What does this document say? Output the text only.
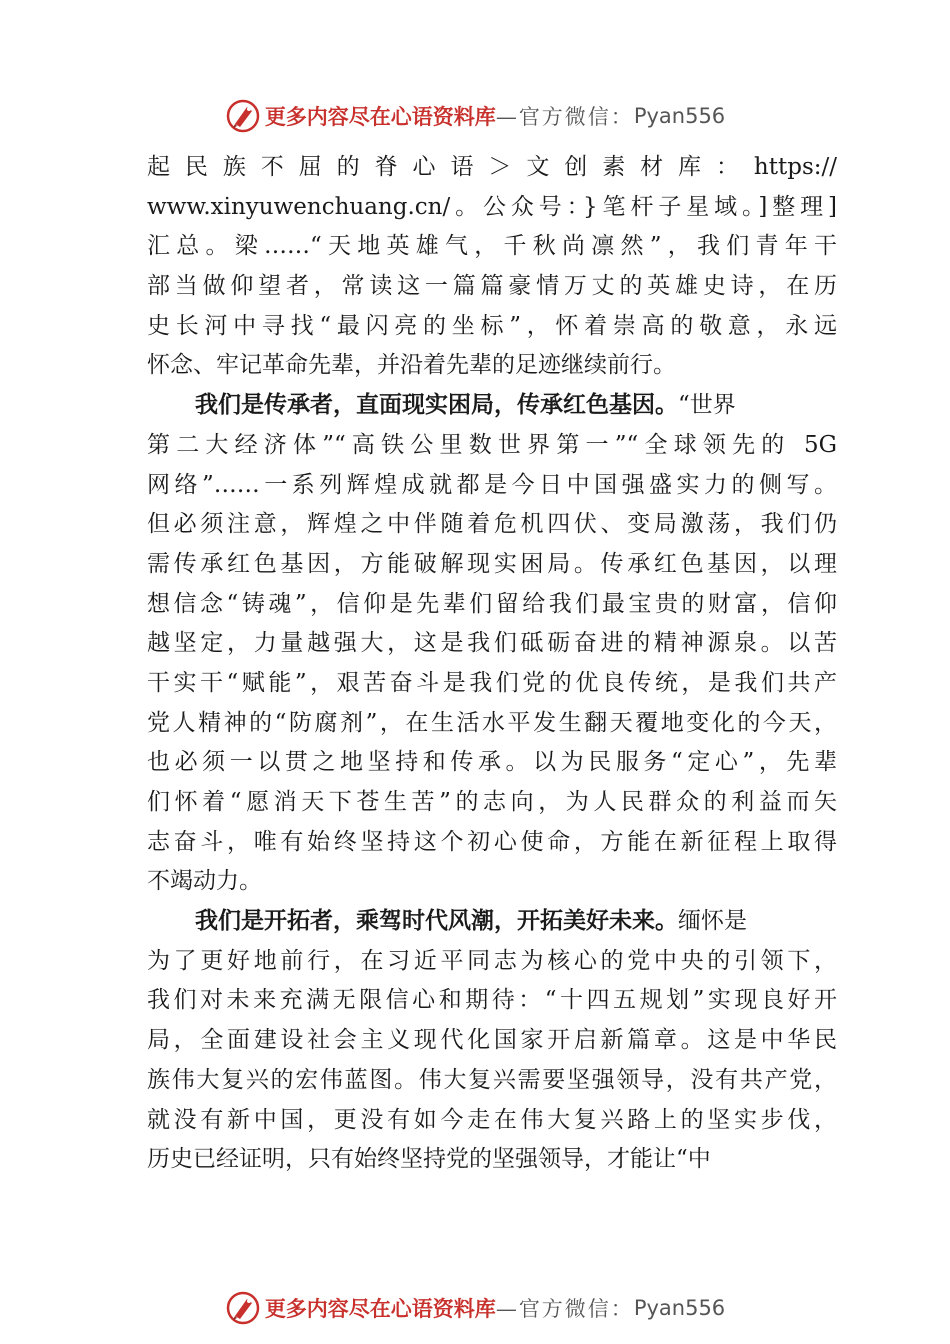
更多内容尽在心语资料库 —官方微信： Pyan556
起民族不屈的脊心语＞文创素材库：https://
www.xinyuwenchuang.cn/。公众号：}笔杆子星域。]整理]
汇总。梁……“天地英雄气，千秋尚凛然”，我们青年干
部当做仰望者，常读这一篇篇豪情万丈的英雄史诗，在历
史长河中寻找“最闪亮的坐标”，怀着崇高的敬意，永远
怀念、牢记革命先辈，并沿着先辈的足迹继续前行。
我们是传承者，直面现实困局，传承红色基因。“世界
第二大经济体”“高铁公里数世界第一”“全球领先的 5G
网络”……一系列辉煌成就都是今日中国强盛实力的侧写。
但必须注意，辉煌之中伴随着危机四伏、变局激荡，我们仍
需传承红色基因，方能破解现实困局。传承红色基因，以理
想信念“铸魂”，信仰是先辈们留给我们最宝贵的财富，信仰
越坚定，力量越强大，这是我们砥砺奋进的精神源泉。以苦
干实干“赋能”，艰苦奋斗是我们党的优良传统，是我们共产
党人精神的“防腐剂”，在生活水平发生翻天覆地变化的今天，
也必须一以贯之地坚持和传承。以为民服务“定心”，先辈
们怀着“愿消天下苍生苦”的志向，为人民群众的利益而矢
志奋斗，唯有始终坚持这个初心使命，方能在新征程上取得
不竭动力。
我们是开拓者，乘驾时代风潮，开拓美好未来。缅怀是
为了更好地前行，在习近平同志为核心的党中央的引领下，
我们对未来充满无限信心和期待：“十四五规划”实现良好开
局，全面建设社会主义现代化国家开启新篇章。这是中华民
族伟大复兴的宏伟蓝图。伟大复兴需要坚强领导，没有共产党，
就没有新中国，更没有如今走在伟大复兴路上的坚实步伐，
历史已经证明，只有始终坚持党的坚强领导，才能让“中
更多内容尽在心语资料库 —官方微信： Pyan556
